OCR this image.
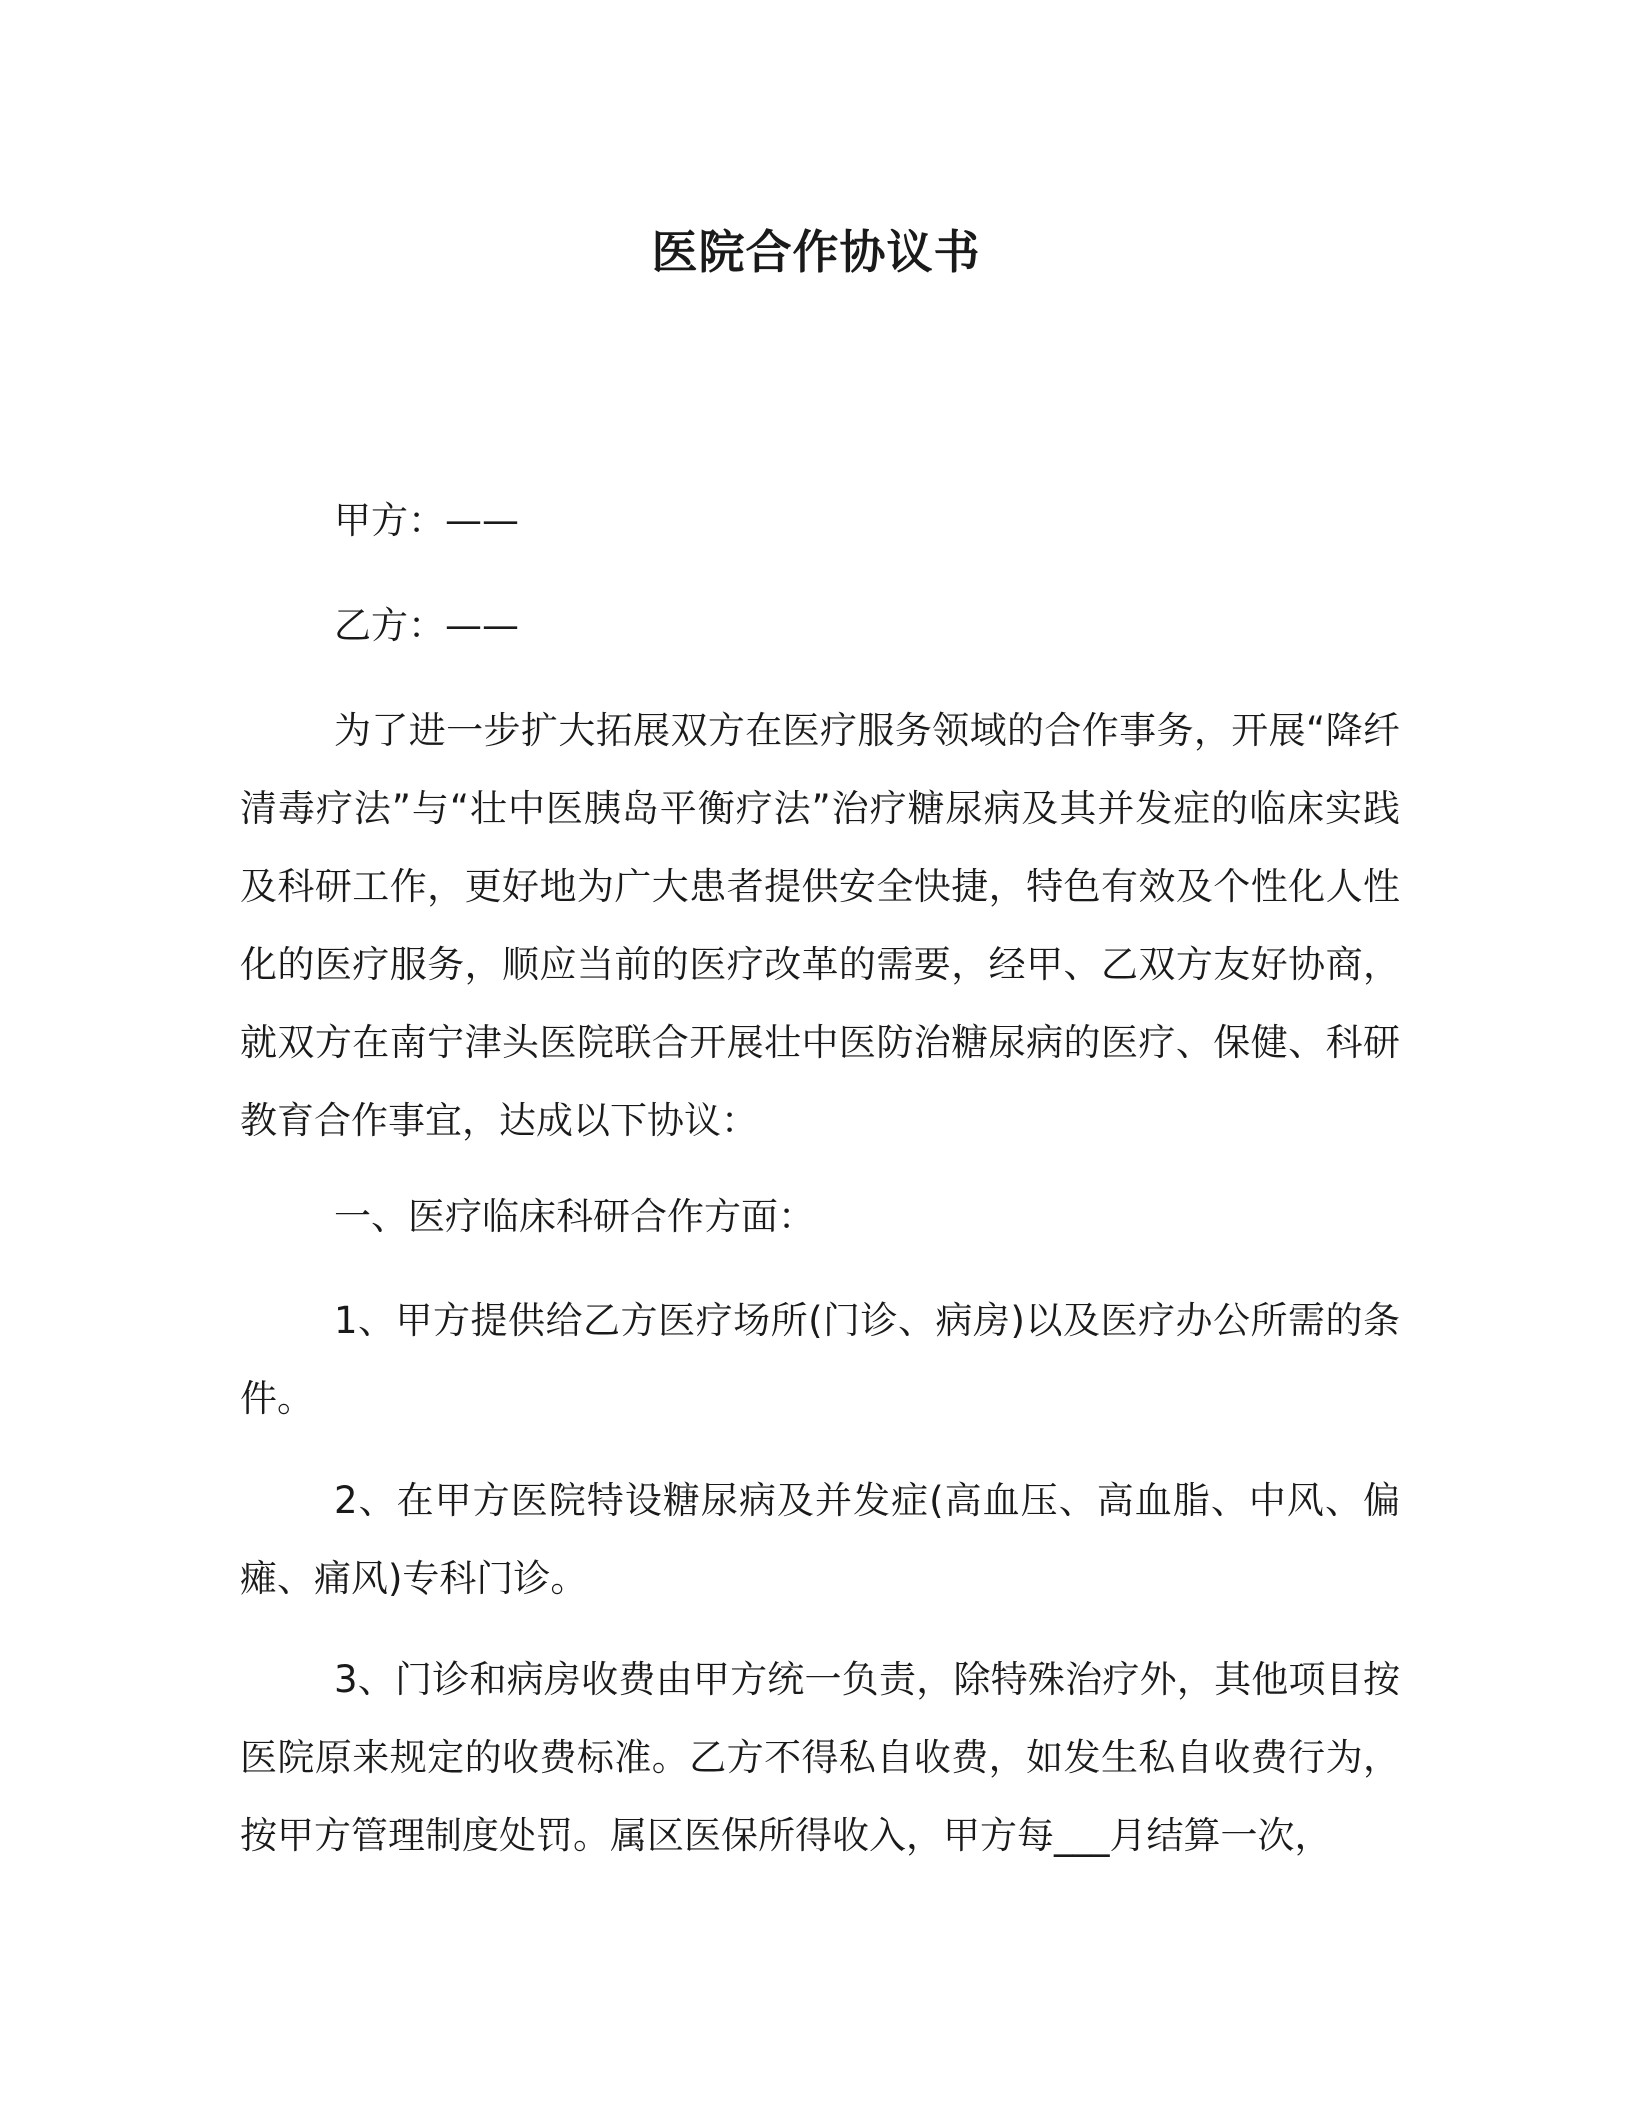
医院合作协议书

甲方：——

乙方：——

为了进一步扩大拓展双方在医疗服务领域的合作事务，开展“降纤清毒疗法”与“壮中医胰岛平衡疗法”治疗糖尿病及其并发症的临床实践及科研工作，更好地为广大患者提供安全快捷，特色有效及个性化人性化的医疗服务，顺应当前的医疗改革的需要，经甲、乙双方友好协商，就双方在南宁津头医院联合开展壮中医防治糖尿病的医疗、保健、科研教育合作事宜，达成以下协议：

一、医疗临床科研合作方面：

1、甲方提供给乙方医疗场所(门诊、病房)以及医疗办公所需的条件。

2、在甲方医院特设糖尿病及并发症(高血压、高血脂、中风、偏瘫、痛风)专科门诊。

3、门诊和病房收费由甲方统一负责，除特殊治疗外，其他项目按医院原来规定的收费标准。乙方不得私自收费，如发生私自收费行为，按甲方管理制度处罚。属区医保所得收入，甲方每___月结算一次，
